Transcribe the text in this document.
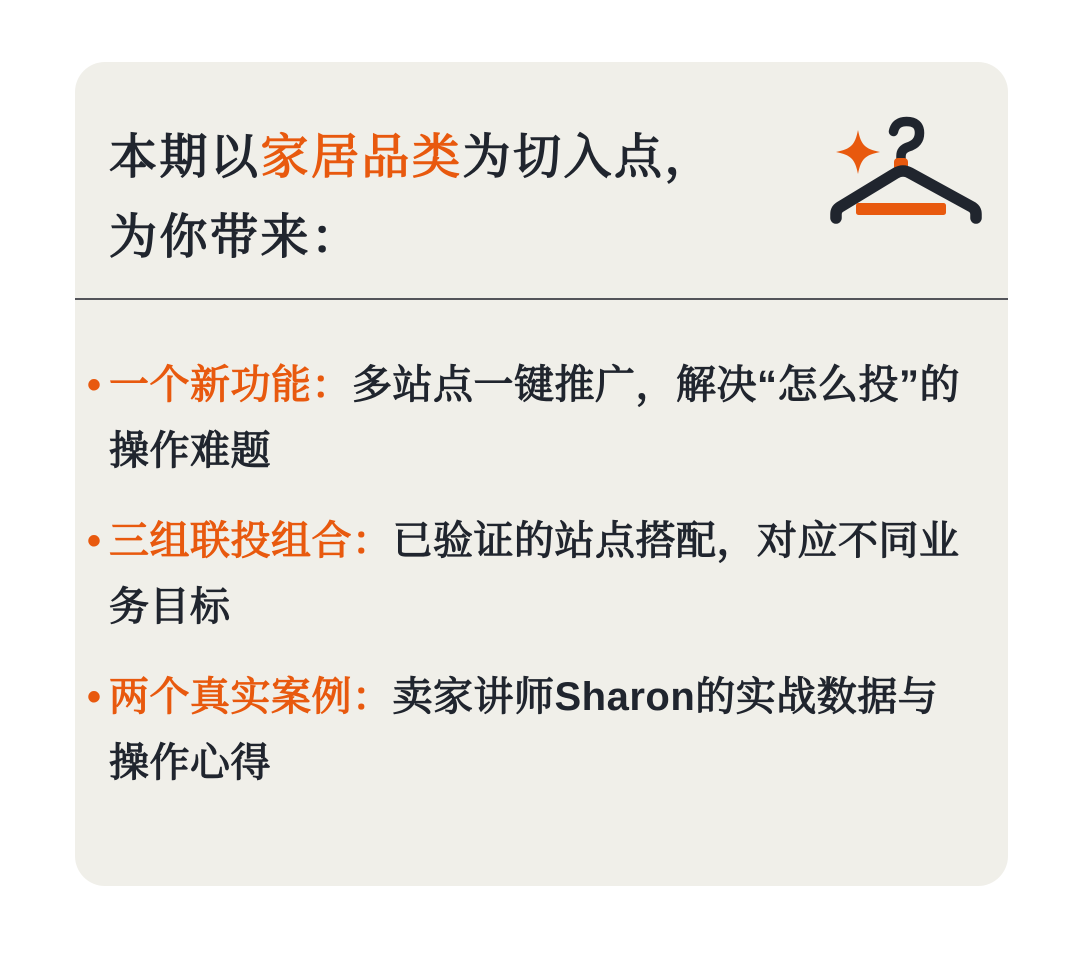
本期以家居品类为切入点，
为你带来：
• 一个新功能：多站点一键推广，解决“怎么投”的操作难题
• 三组联投组合：已验证的站点搭配，对应不同业务目标
• 两个真实案例：卖家讲师Sharon的实战数据与操作心得
